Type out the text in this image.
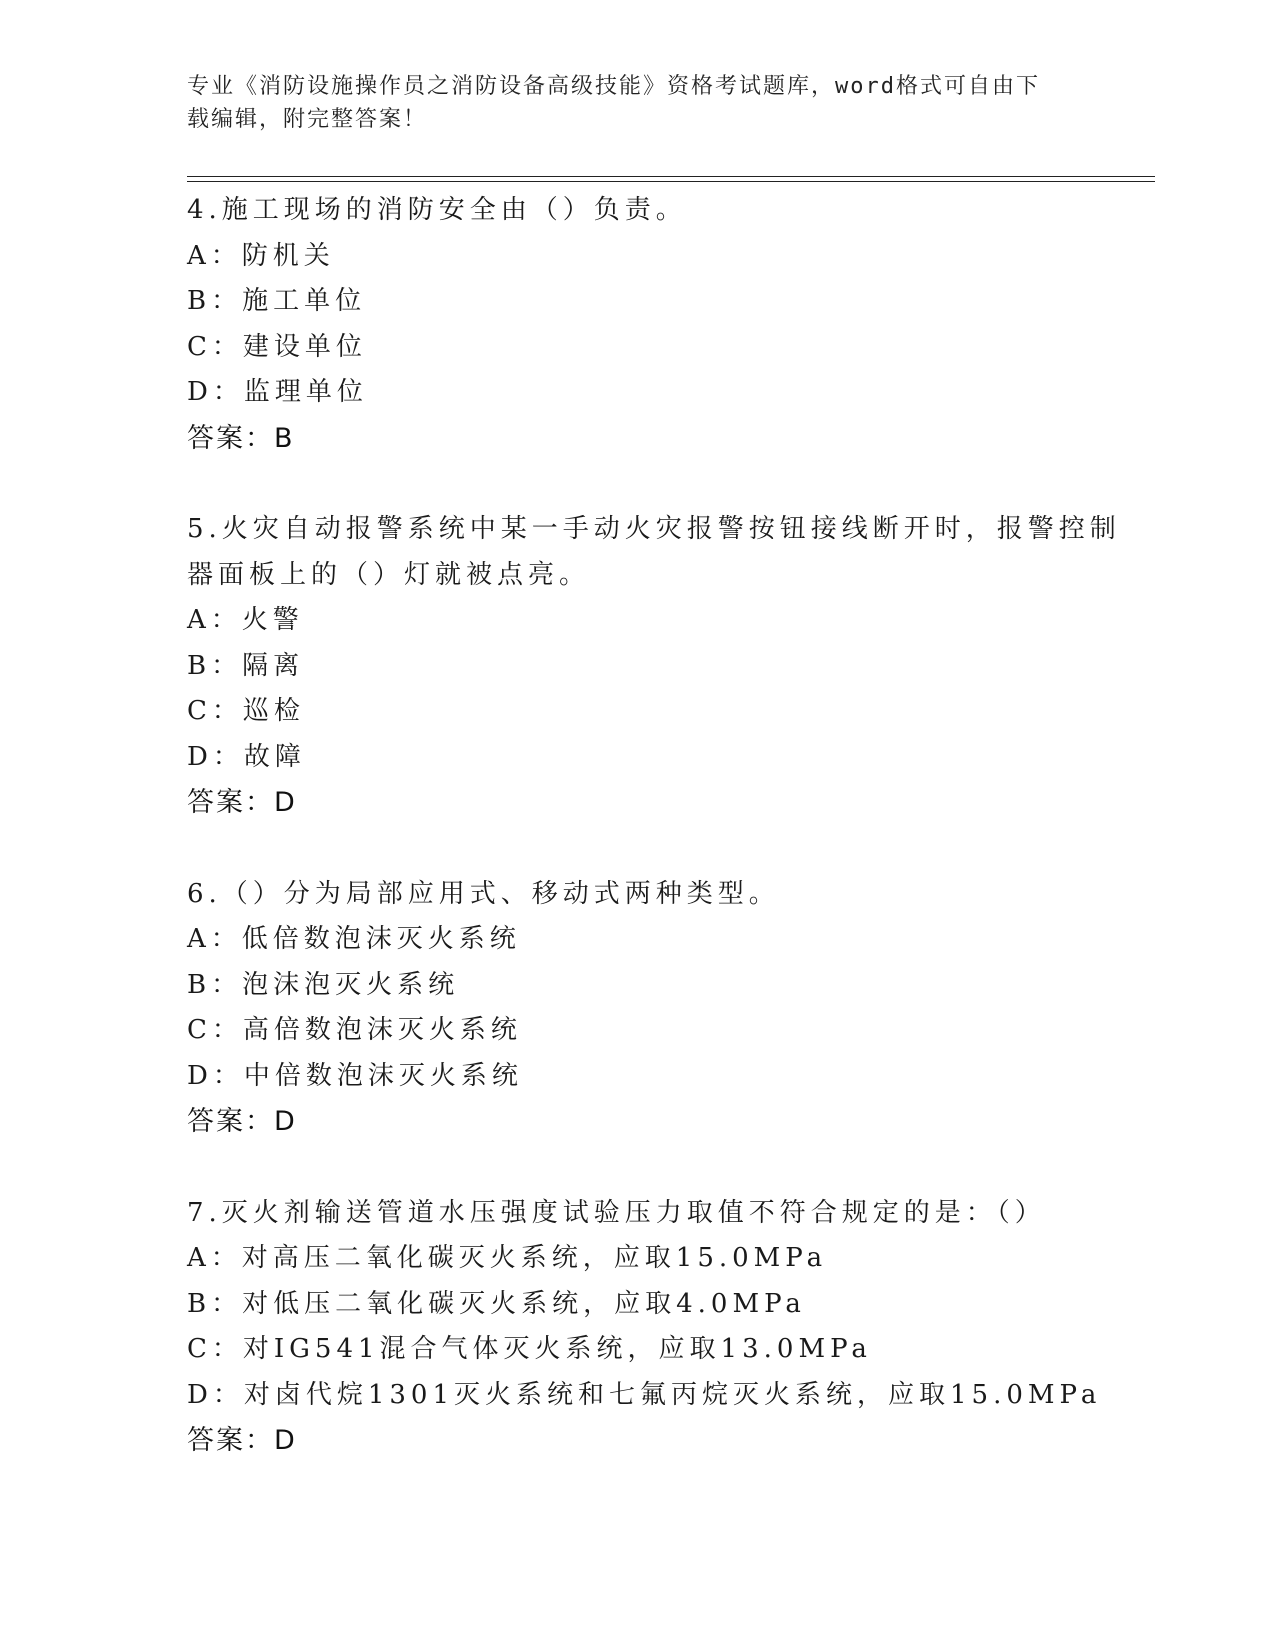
专业《消防设施操作员之消防设备高级技能》资格考试题库，word格式可自由下
载编辑，附完整答案！
4.施工现场的消防安全由（）负责。
A：防机关
B：施工单位
C：建设单位
D：监理单位
答案：B
5.火灾自动报警系统中某一手动火灾报警按钮接线断开时，报警控制
器面板上的（）灯就被点亮。
A：火警
B：隔离
C：巡检
D：故障
答案：D
6.（）分为局部应用式、移动式两种类型。
A：低倍数泡沫灭火系统
B：泡沫泡灭火系统
C：高倍数泡沫灭火系统
D：中倍数泡沫灭火系统
答案：D
7.灭火剂输送管道水压强度试验压力取值不符合规定的是：（）
A：对高压二氧化碳灭火系统，应取15.0MPa
B：对低压二氧化碳灭火系统，应取4.0MPa
C：对IG541混合气体灭火系统，应取13.0MPa
D：对卤代烷1301灭火系统和七氟丙烷灭火系统，应取15.0MPa
答案：D
